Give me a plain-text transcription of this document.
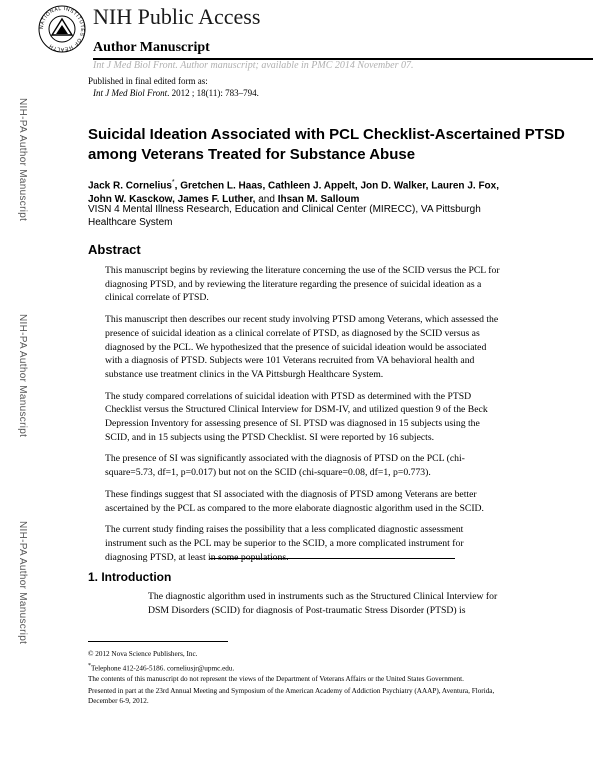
NATIONAL INSTITUTES OF HEALTH
NIH Public Access
Author Manuscript
Int J Med Biol Front. Author manuscript; available in PMC 2014 November 07.
Published in final edited form as:
Int J Med Biol Front. 2012 ; 18(11): 783–794.
NIH-PA Author Manuscript
NIH-PA Author Manuscript
NIH-PA Author Manuscript
Suicidal Ideation Associated with PCL Checklist-Ascertained PTSD among Veterans Treated for Substance Abuse
Jack R. Cornelius*, Gretchen L. Haas, Cathleen J. Appelt, Jon D. Walker, Lauren J. Fox,
John W. Kasckow, James F. Luther, and Ihsan M. Salloum
VISN 4 Mental Illness Research, Education and Clinical Center (MIRECC), VA Pittsburgh Healthcare System
Abstract

This manuscript begins by reviewing the literature concerning the use of the SCID versus the PCL for diagnosing PTSD, and by reviewing the literature regarding the presence of suicidal ideation as a clinical correlate of PTSD.

This manuscript then describes our recent study involving PTSD among Veterans, which assessed the presence of suicidal ideation as a clinical correlate of PTSD, as diagnosed by the SCID versus as diagnosed by the PCL. We hypothesized that the presence of suicidal ideation would be associated with a diagnosis of PTSD. Subjects were 101 Veterans recruited from VA behavioral health and substance use treatment clinics in the VA Pittsburgh Healthcare System.

The study compared correlations of suicidal ideation with PTSD as determined with the PTSD Checklist versus the Structured Clinical Interview for DSM-IV, and utilized question 9 of the Beck Depression Inventory for assessing presence of SI. PTSD was diagnosed in 15 subjects using the SCID, and in 15 subjects using the PTSD Checklist. SI were reported by 16 subjects.

The presence of SI was significantly associated with the diagnosis of PTSD on the PCL (chi-square=5.73, df=1, p=0.017) but not on the SCID (chi-square=0.08, df=1, p=0.773).

These findings suggest that SI associated with the diagnosis of PTSD among Veterans are better ascertained by the PCL as compared to the more elaborate diagnostic algorithm used in the SCID.

The current study finding raises the possibility that a less complicated diagnostic assessment instrument such as the PCL may be superior to the SCID, a more complicated instrument for diagnosing PTSD, at least in some populations.

1. Introduction
The diagnostic algorithm used in instruments such as the Structured Clinical Interview for DSM Disorders (SCID) for diagnosis of Post-traumatic Stress Disorder (PTSD) is
© 2012 Nova Science Publishers, Inc.
*Telephone 412-246-5186. corneliusjr@upmc.edu.
The contents of this manuscript do not represent the views of the Department of Veterans Affairs or the United States Government.
Presented in part at the 23rd Annual Meeting and Symposium of the American Academy of Addiction Psychiatry (AAAP), Aventura, Florida, December 6-9, 2012.
